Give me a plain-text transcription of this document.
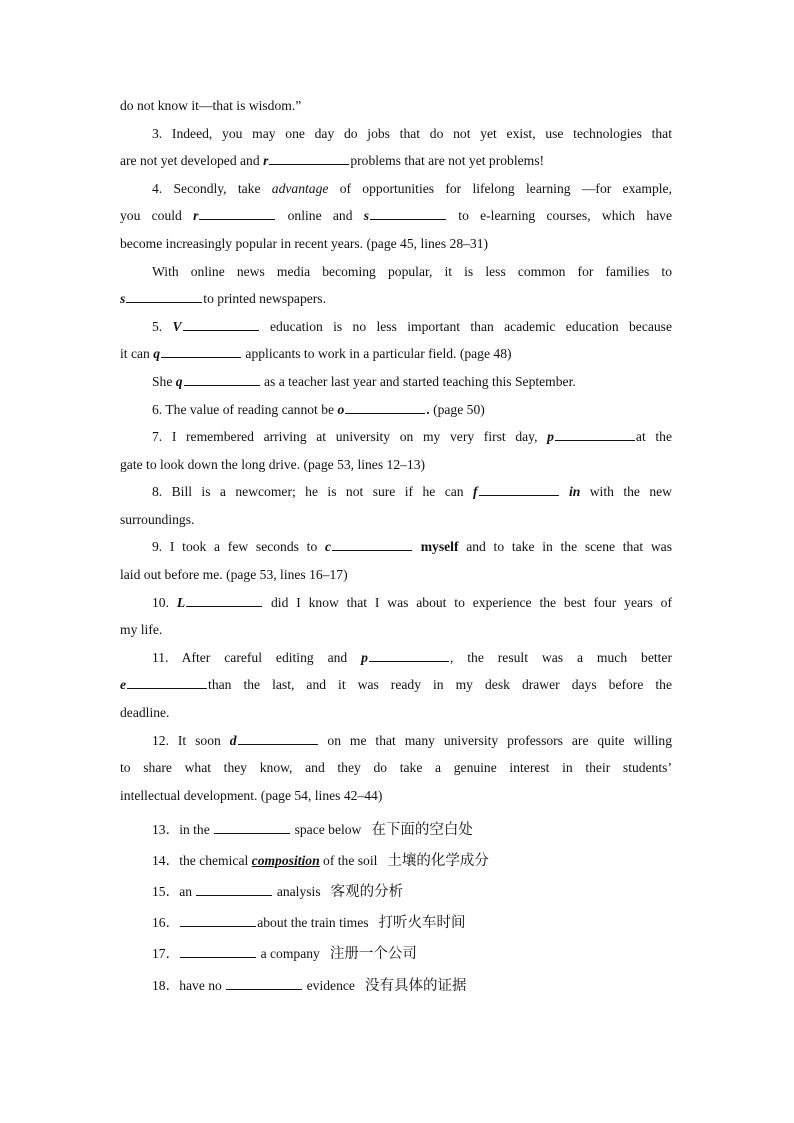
do not know it—that is wisdom.”
3. Indeed, you may one day do jobs that do not yet exist, use technologies that
are not yet developed and r	problems that are not yet problems!
4. Secondly, take advantage of opportunities for lifelong learning —for example,
you could r	online and s	to e-learning courses, which have
become increasingly popular in recent years. (page 45, lines 28–31)
With online news media becoming popular, it is less common for families to
s	to printed newspapers.
5. V	education is no less important than academic education because
it can q	applicants to work in a particular field. (page 48)
She q	as a teacher last year and started teaching this September.
6. The value of reading cannot be o	. (page 50)
7. I remembered arriving at university on my very first day, p	at the
gate to look down the long drive. (page 53, lines 12–13)
8. Bill is a newcomer; he is not sure if he can f	in with the new
surroundings.
9. I took a few seconds to c	myself and to take in the scene that was
laid out before me. (page 53, lines 16–17)
10. L	did I know that I was about to experience the best four years of
my life.
11. After careful editing and p	, the result was a much better
e	than the last, and it was ready in my desk drawer days before the
deadline.
12. It soon d	on me that many university professors are quite willing
to share what they know, and they do take a genuine interest in their students’
intellectual development. (page 54, lines 42–44)
13．in the	space below 在下面的空白处
14．the chemical composition of the soil 土壤的化学成分
15．an	analysis 客观的分析
16．	about the train times 打听火车时间
17．	a company 注册一个公司
18．have no	evidence 没有具体的证据
